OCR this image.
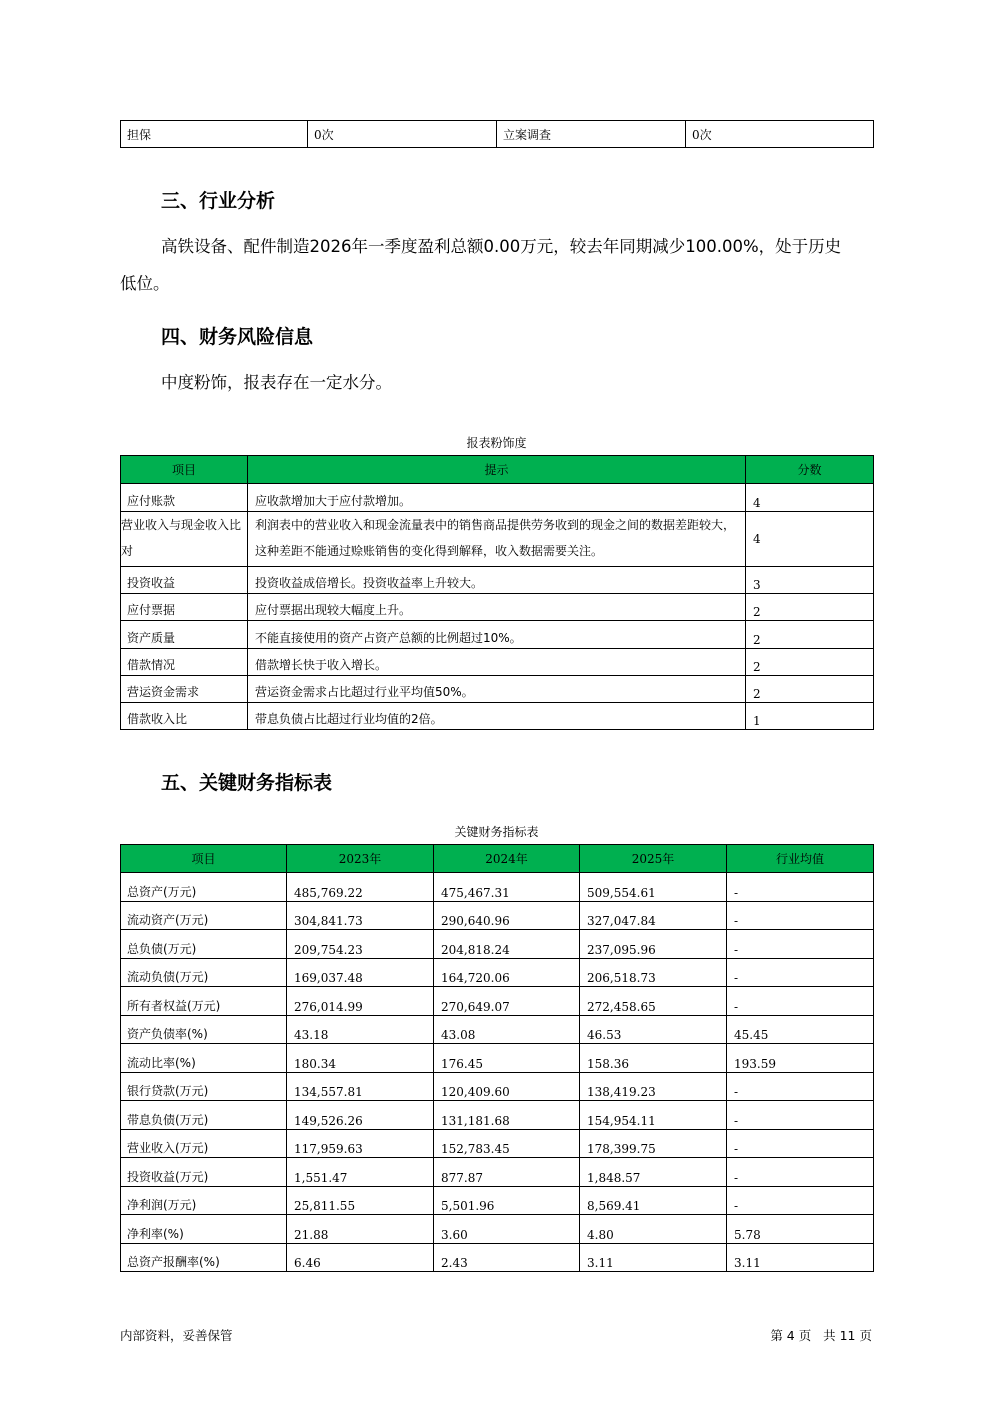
担保	0次	立案调查	0次
三、行业分析
高铁设备、配件制造2026年一季度盈利总额0.00万元，较去年同期减少100.00%，处于历史
低位。
四、财务风险信息
中度粉饰，报表存在一定水分。
报表粉饰度
项目	提示	分数
应付账款	应收款增加大于应付款增加。	4
营业收入与现金收入比对	利润表中的营业收入和现金流量表中的销售商品提供劳务收到的现金之间的数据差距较大，这种差距不能通过赊账销售的变化得到解释，收入数据需要关注。	4
投资收益	投资收益成倍增长。投资收益率上升较大。	3
应付票据	应付票据出现较大幅度上升。	2
资产质量	不能直接使用的资产占资产总额的比例超过10%。	2
借款情况	借款增长快于收入增长。	2
营运资金需求	营运资金需求占比超过行业平均值50%。	2
借款收入比	带息负债占比超过行业均值的2倍。	1
五、关键财务指标表
关键财务指标表
项目	2023年	2024年	2025年	行业均值
总资产(万元)	485,769.22	475,467.31	509,554.61	-
流动资产(万元)	304,841.73	290,640.96	327,047.84	-
总负债(万元)	209,754.23	204,818.24	237,095.96	-
流动负债(万元)	169,037.48	164,720.06	206,518.73	-
所有者权益(万元)	276,014.99	270,649.07	272,458.65	-
资产负债率(%)	43.18	43.08	46.53	45.45
流动比率(%)	180.34	176.45	158.36	193.59
银行贷款(万元)	134,557.81	120,409.60	138,419.23	-
带息负债(万元)	149,526.26	131,181.68	154,954.11	-
营业收入(万元)	117,959.63	152,783.45	178,399.75	-
投资收益(万元)	1,551.47	877.87	1,848.57	-
净利润(万元)	25,811.55	5,501.96	8,569.41	-
净利率(%)	21.88	3.60	4.80	5.78
总资产报酬率(%)	6.46	2.43	3.11	3.11
内部资料，妥善保管	第 4 页   共 11 页
